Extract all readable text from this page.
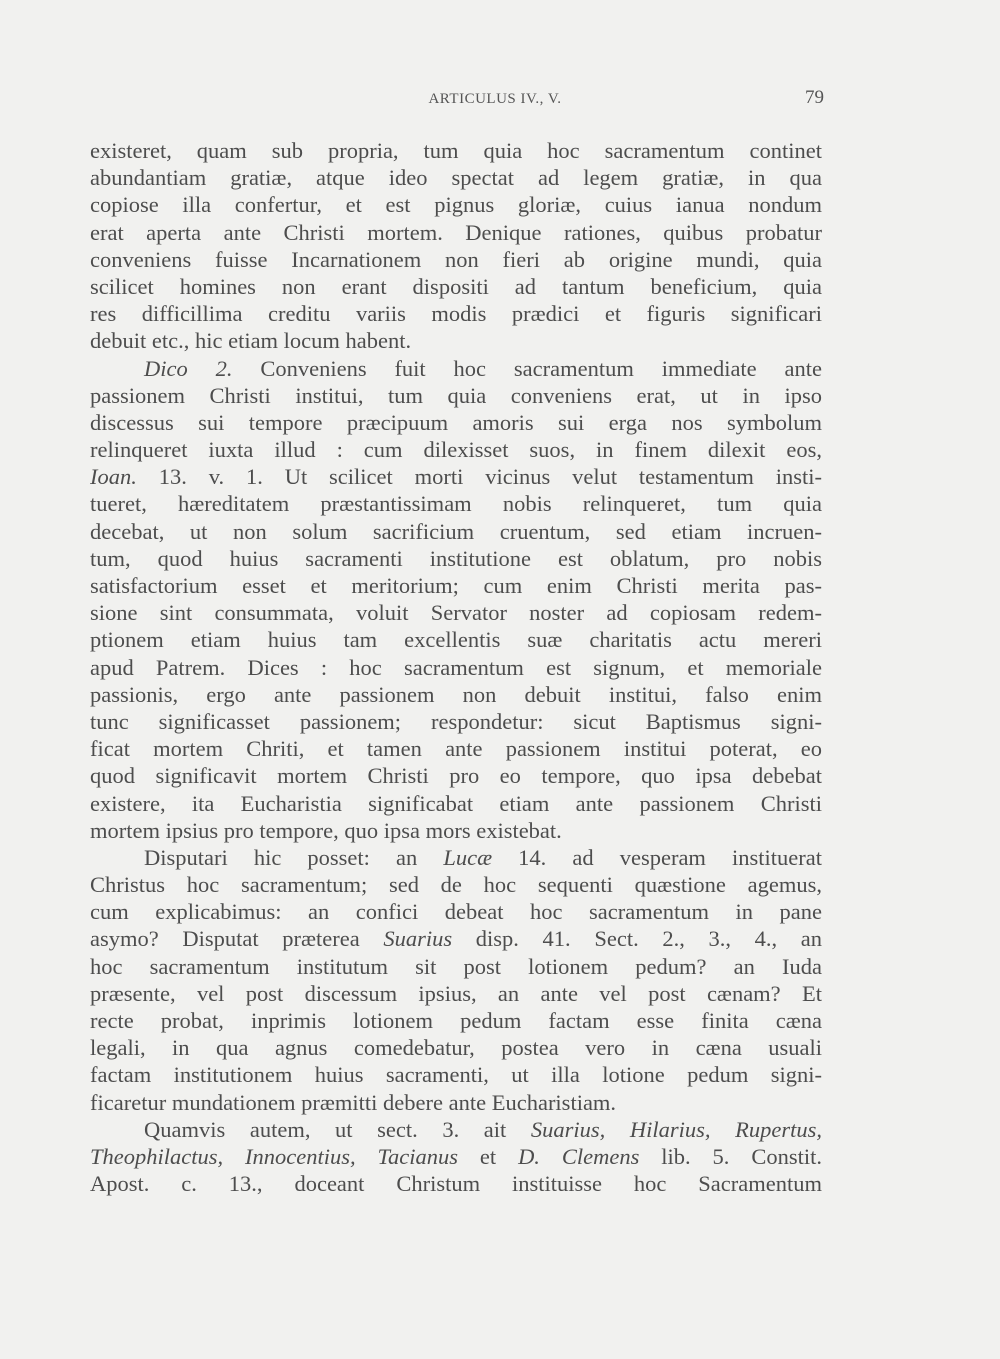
ARTICULUS IV., V.	79
existeret, quam sub propria, tum quia hoc sacramentum continet
abundantiam gratiæ, atque ideo spectat ad legem gratiæ, in qua
copiose illa confertur, et est pignus gloriæ, cuius ianua nondum
erat aperta ante Christi mortem. Denique rationes, quibus probatur
conveniens fuisse Incarnationem non fieri ab origine mundi, quia
scilicet homines non erant dispositi ad tantum beneficium, quia
res difficillima creditu variis modis prædici et figuris significari
debuit etc., hic etiam locum habent.
Dico 2. Conveniens fuit hoc sacramentum immediate ante
passionem Christi institui, tum quia conveniens erat, ut in ipso
discessus sui tempore præcipuum amoris sui erga nos symbolum
relinqueret iuxta illud : cum dilexisset suos, in finem dilexit eos,
Ioan. 13. v. 1. Ut scilicet morti vicinus velut testamentum insti-
tueret, hæreditatem præstantissimam nobis relinqueret, tum quia
decebat, ut non solum sacrificium cruentum, sed etiam incruen-
tum, quod huius sacramenti institutione est oblatum, pro nobis
satisfactorium esset et meritorium; cum enim Christi merita pas-
sione sint consummata, voluit Servator noster ad copiosam redem-
ptionem etiam huius tam excellentis suæ charitatis actu mereri
apud Patrem. Dices : hoc sacramentum est signum, et memoriale
passionis, ergo ante passionem non debuit institui, falso enim
tunc significasset passionem; respondetur: sicut Baptismus signi-
ficat mortem Chriti, et tamen ante passionem institui poterat, eo
quod significavit mortem Christi pro eo tempore, quo ipsa debebat
existere, ita Eucharistia significabat etiam ante passionem Christi
mortem ipsius pro tempore, quo ipsa mors existebat.
Disputari hic posset: an Lucæ 14. ad vesperam instituerat
Christus hoc sacramentum; sed de hoc sequenti quæstione agemus,
cum explicabimus: an confici debeat hoc sacramentum in pane
asymo? Disputat præterea Suarius disp. 41. Sect. 2., 3., 4., an
hoc sacramentum institutum sit post lotionem pedum? an Iuda
præsente, vel post discessum ipsius, an ante vel post cænam? Et
recte probat, inprimis lotionem pedum factam esse finita cæna
legali, in qua agnus comedebatur, postea vero in cæna usuali
factam institutionem huius sacramenti, ut illa lotione pedum signi-
ficaretur mundationem præmitti debere ante Eucharistiam.
Quamvis autem, ut sect. 3. ait Suarius, Hilarius, Rupertus,
Theophilactus, Innocentius, Tacianus et D. Clemens lib. 5. Constit.
Apost. c. 13., doceant Christum instituisse hoc Sacramentum
